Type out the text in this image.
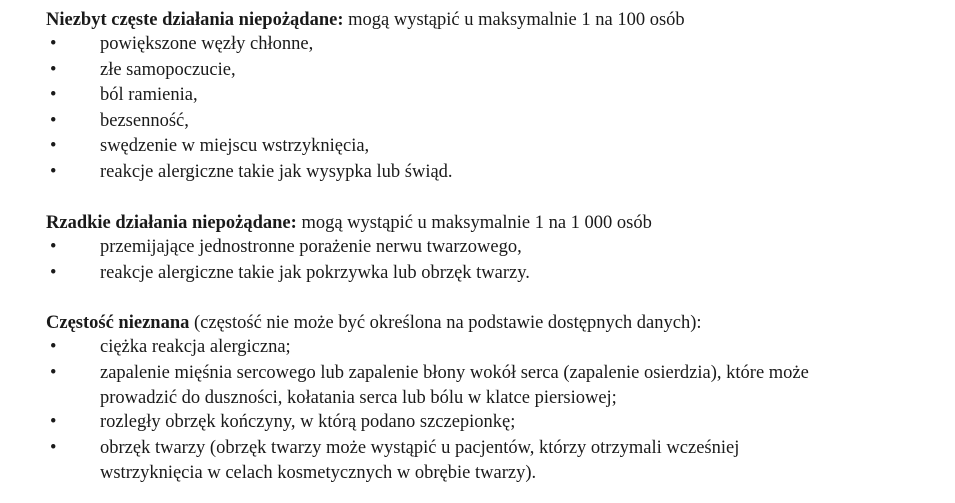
Niezbyt częste działania niepożądane: mogą wystąpić u maksymalnie 1 na 100 osób
• powiększone węzły chłonne,
• złe samopoczucie,
• ból ramienia,
• bezsenność,
• swędzenie w miejscu wstrzyknięcia,
• reakcje alergiczne takie jak wysypka lub świąd.
Rzadkie działania niepożądane: mogą wystąpić u maksymalnie 1 na 1 000 osób
• przemijające jednostronne porażenie nerwu twarzowego,
• reakcje alergiczne takie jak pokrzywka lub obrzęk twarzy.
Częstość nieznana (częstość nie może być określona na podstawie dostępnych danych):
• ciężka reakcja alergiczna;
• zapalenie mięśnia sercowego lub zapalenie błony wokół serca (zapalenie osierdzia), które może
prowadzić do duszności, kołatania serca lub bólu w klatce piersiowej;
• rozległy obrzęk kończyny, w którą podano szczepionkę;
• obrzęk twarzy (obrzęk twarzy może wystąpić u pacjentów, którzy otrzymali wcześniej
wstrzyknięcia w celach kosmetycznych w obrębie twarzy).
